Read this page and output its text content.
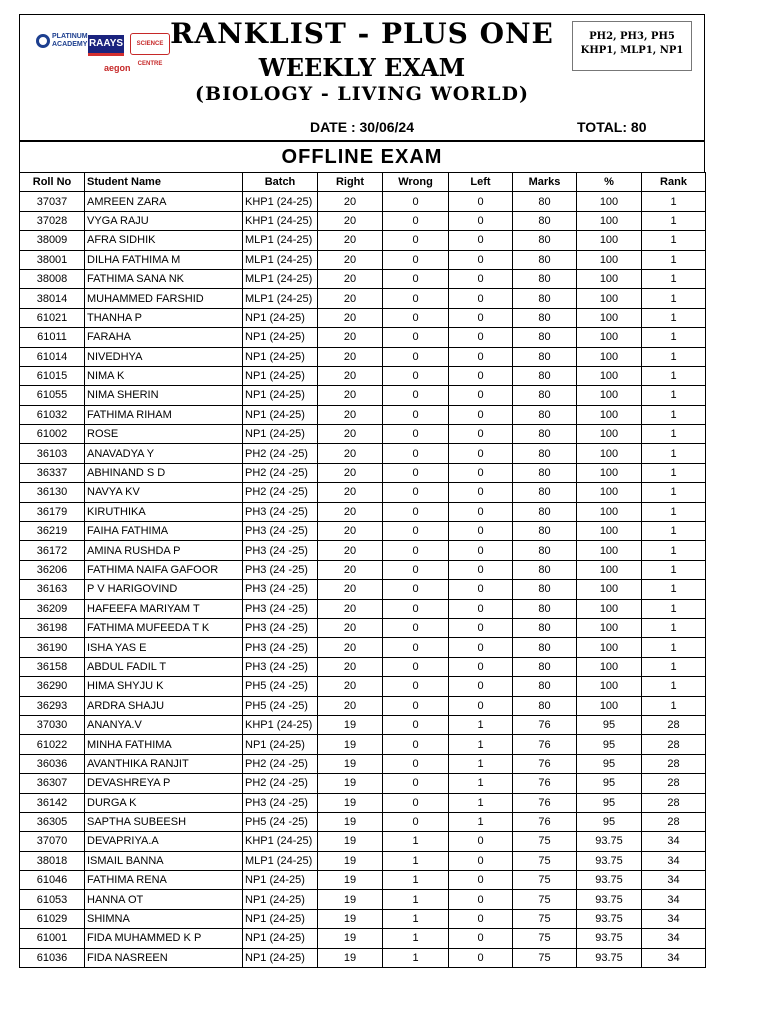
PLATINUM
ACADEMY RAAYS	SCIENCE CENTRE
aegon
RANKLIST - PLUS ONE
WEEKLY EXAM
(BIOLOGY - LIVING WORLD)
PH2, PH3, PH5
KHP1, MLP1, NP1
DATE : 30/06/24	TOTAL: 80
OFFLINE EXAM
Roll No	Student Name	Batch	Right	Wrong	Left	Marks	%	Rank
37037	AMREEN ZARA	KHP1 (24-25)	20	0	0	80	100	1
37028	VYGA RAJU	KHP1 (24-25)	20	0	0	80	100	1
38009	AFRA SIDHIK	MLP1 (24-25)	20	0	0	80	100	1
38001	DILHA FATHIMA M	MLP1 (24-25)	20	0	0	80	100	1
38008	FATHIMA SANA NK	MLP1 (24-25)	20	0	0	80	100	1
38014	MUHAMMED FARSHID	MLP1 (24-25)	20	0	0	80	100	1
61021	THANHA P	NP1 (24-25)	20	0	0	80	100	1
61011	FARAHA	NP1 (24-25)	20	0	0	80	100	1
61014	NIVEDHYA	NP1 (24-25)	20	0	0	80	100	1
61015	NIMA K	NP1 (24-25)	20	0	0	80	100	1
61055	NIMA SHERIN	NP1 (24-25)	20	0	0	80	100	1
61032	FATHIMA RIHAM	NP1 (24-25)	20	0	0	80	100	1
61002	ROSE	NP1 (24-25)	20	0	0	80	100	1
36103	ANAVADYA Y	PH2 (24 -25)	20	0	0	80	100	1
36337	ABHINAND S D	PH2 (24 -25)	20	0	0	80	100	1
36130	NAVYA KV	PH2 (24 -25)	20	0	0	80	100	1
36179	KIRUTHIKA	PH3 (24 -25)	20	0	0	80	100	1
36219	FAIHA FATHIMA	PH3 (24 -25)	20	0	0	80	100	1
36172	AMINA RUSHDA P	PH3 (24 -25)	20	0	0	80	100	1
36206	FATHIMA NAIFA GAFOOR	PH3 (24 -25)	20	0	0	80	100	1
36163	P V HARIGOVIND	PH3 (24 -25)	20	0	0	80	100	1
36209	HAFEEFA MARIYAM T	PH3 (24 -25)	20	0	0	80	100	1
36198	FATHIMA MUFEEDA T K	PH3 (24 -25)	20	0	0	80	100	1
36190	ISHA YAS E	PH3 (24 -25)	20	0	0	80	100	1
36158	ABDUL FADIL T	PH3 (24 -25)	20	0	0	80	100	1
36290	HIMA SHYJU K	PH5 (24 -25)	20	0	0	80	100	1
36293	ARDRA SHAJU	PH5 (24 -25)	20	0	0	80	100	1
37030	ANANYA.V	KHP1 (24-25)	19	0	1	76	95	28
61022	MINHA FATHIMA	NP1 (24-25)	19	0	1	76	95	28
36036	AVANTHIKA RANJIT	PH2 (24 -25)	19	0	1	76	95	28
36307	DEVASHREYA P	PH2 (24 -25)	19	0	1	76	95	28
36142	DURGA K	PH3 (24 -25)	19	0	1	76	95	28
36305	SAPTHA SUBEESH	PH5 (24 -25)	19	0	1	76	95	28
37070	DEVAPRIYA.A	KHP1 (24-25)	19	1	0	75	93.75	34
38018	ISMAIL BANNA	MLP1 (24-25)	19	1	0	75	93.75	34
61046	FATHIMA RENA	NP1 (24-25)	19	1	0	75	93.75	34
61053	HANNA OT	NP1 (24-25)	19	1	0	75	93.75	34
61029	SHIMNA	NP1 (24-25)	19	1	0	75	93.75	34
61001	FIDA MUHAMMED K P	NP1 (24-25)	19	1	0	75	93.75	34
61036	FIDA NASREEN	NP1 (24-25)	19	1	0	75	93.75	34
